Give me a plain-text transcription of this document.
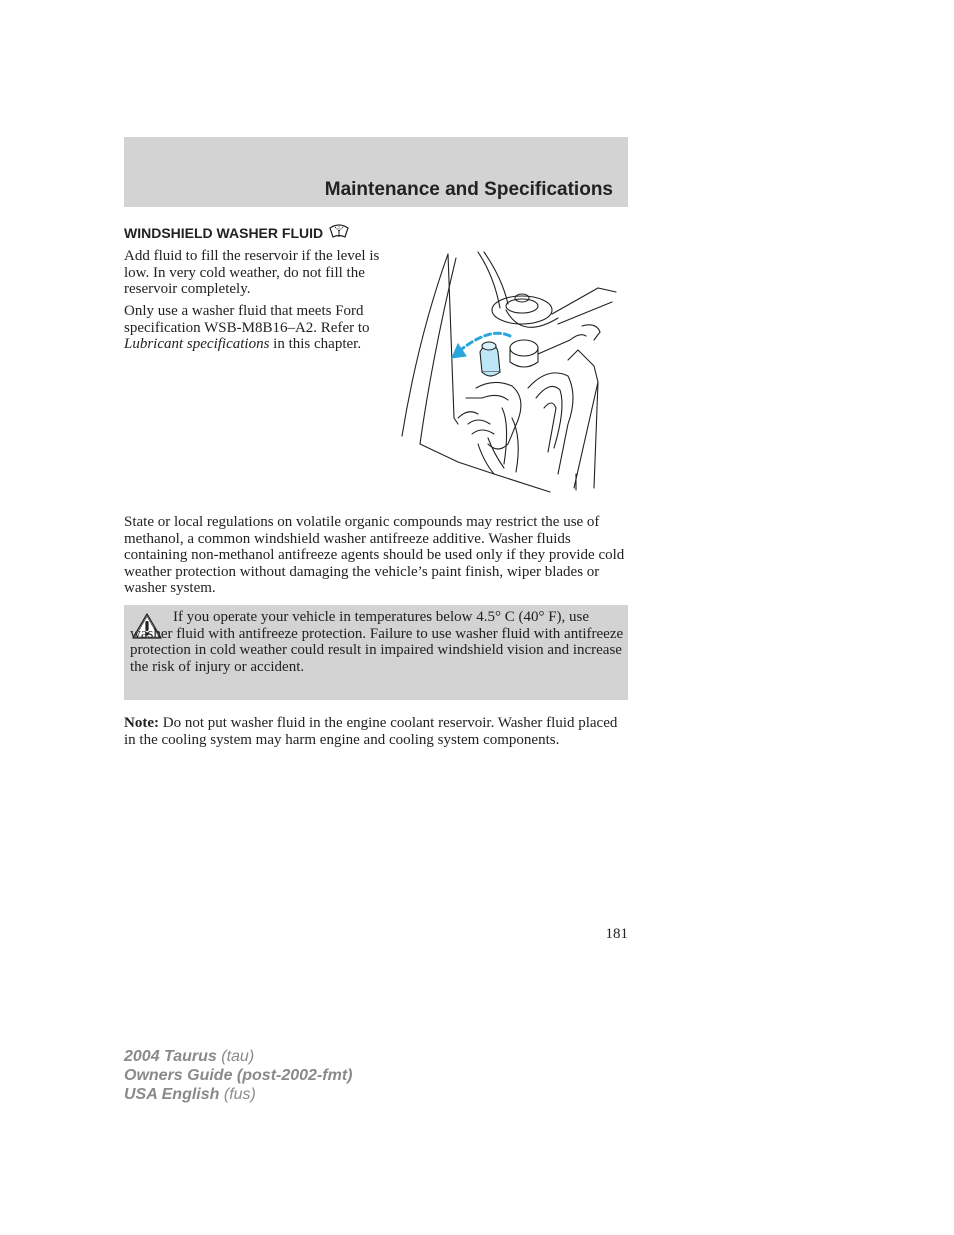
Maintenance and Specifications
WINDSHIELD WASHER FLUID
Add fluid to fill the reservoir if the level is low. In very cold weather, do not fill the reservoir completely.
Only use a washer fluid that meets Ford specification WSB-M8B16–A2. Refer to Lubricant specifications in this chapter.
State or local regulations on volatile organic compounds may restrict the use of methanol, a common windshield washer antifreeze additive. Washer fluids containing non-methanol antifreeze agents should be used only if they provide cold weather protection without damaging the vehicle’s paint finish, wiper blades or washer system.
If you operate your vehicle in temperatures below 4.5° C (40° F), use washer fluid with antifreeze protection. Failure to use washer fluid with antifreeze protection in cold weather could result in impaired windshield vision and increase the risk of injury or accident.
Note: Do not put washer fluid in the engine coolant reservoir. Washer fluid placed in the cooling system may harm engine and cooling system components.
181
2004 Taurus (tau)
Owners Guide (post-2002-fmt)
USA English (fus)
